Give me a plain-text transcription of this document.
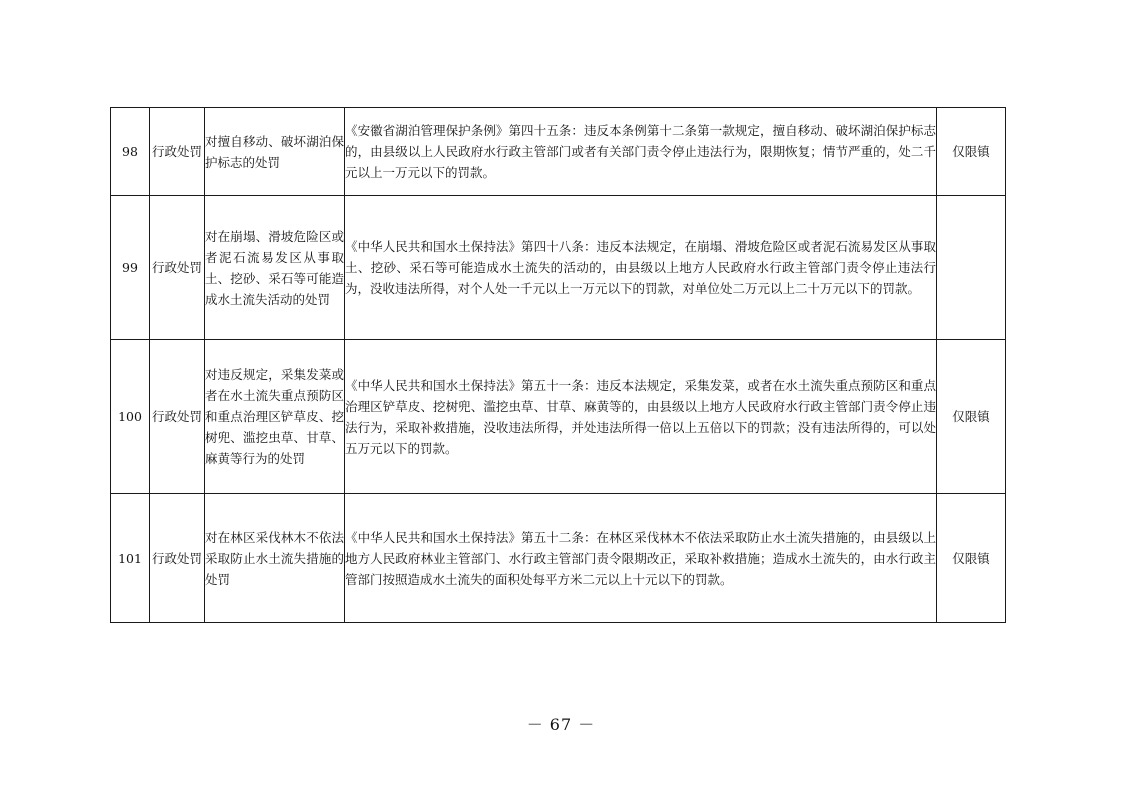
98	行政处罚	对擅自移动、破坏湖泊保护标志的处罚	《安徽省湖泊管理保护条例》第四十五条：违反本条例第十二条第一款规定，擅自移动、破坏湖泊保护标志的，由县级以上人民政府水行政主管部门或者有关部门责令停止违法行为，限期恢复；情节严重的，处二千元以上一万元以下的罚款。	仅限镇
99	行政处罚	对在崩塌、滑坡危险区或者泥石流易发区从事取土、挖砂、采石等可能造成水土流失活动的处罚	《中华人民共和国水土保持法》第四十八条：违反本法规定，在崩塌、滑坡危险区或者泥石流易发区从事取土、挖砂、采石等可能造成水土流失的活动的，由县级以上地方人民政府水行政主管部门责令停止违法行为，没收违法所得，对个人处一千元以上一万元以下的罚款，对单位处二万元以上二十万元以下的罚款。	
100	行政处罚	对违反规定，采集发菜或者在水土流失重点预防区和重点治理区铲草皮、挖树兜、滥挖虫草、甘草、麻黄等行为的处罚	《中华人民共和国水土保持法》第五十一条：违反本法规定，采集发菜，或者在水土流失重点预防区和重点治理区铲草皮、挖树兜、滥挖虫草、甘草、麻黄等的，由县级以上地方人民政府水行政主管部门责令停止违法行为，采取补救措施，没收违法所得，并处违法所得一倍以上五倍以下的罚款；没有违法所得的，可以处五万元以下的罚款。	仅限镇
101	行政处罚	对在林区采伐林木不依法采取防止水土流失措施的处罚	《中华人民共和国水土保持法》第五十二条：在林区采伐林木不依法采取防止水土流失措施的，由县级以上地方人民政府林业主管部门、水行政主管部门责令限期改正，采取补救措施；造成水土流失的，由水行政主管部门按照造成水土流失的面积处每平方米二元以上十元以下的罚款。	仅限镇
－ 67 －
